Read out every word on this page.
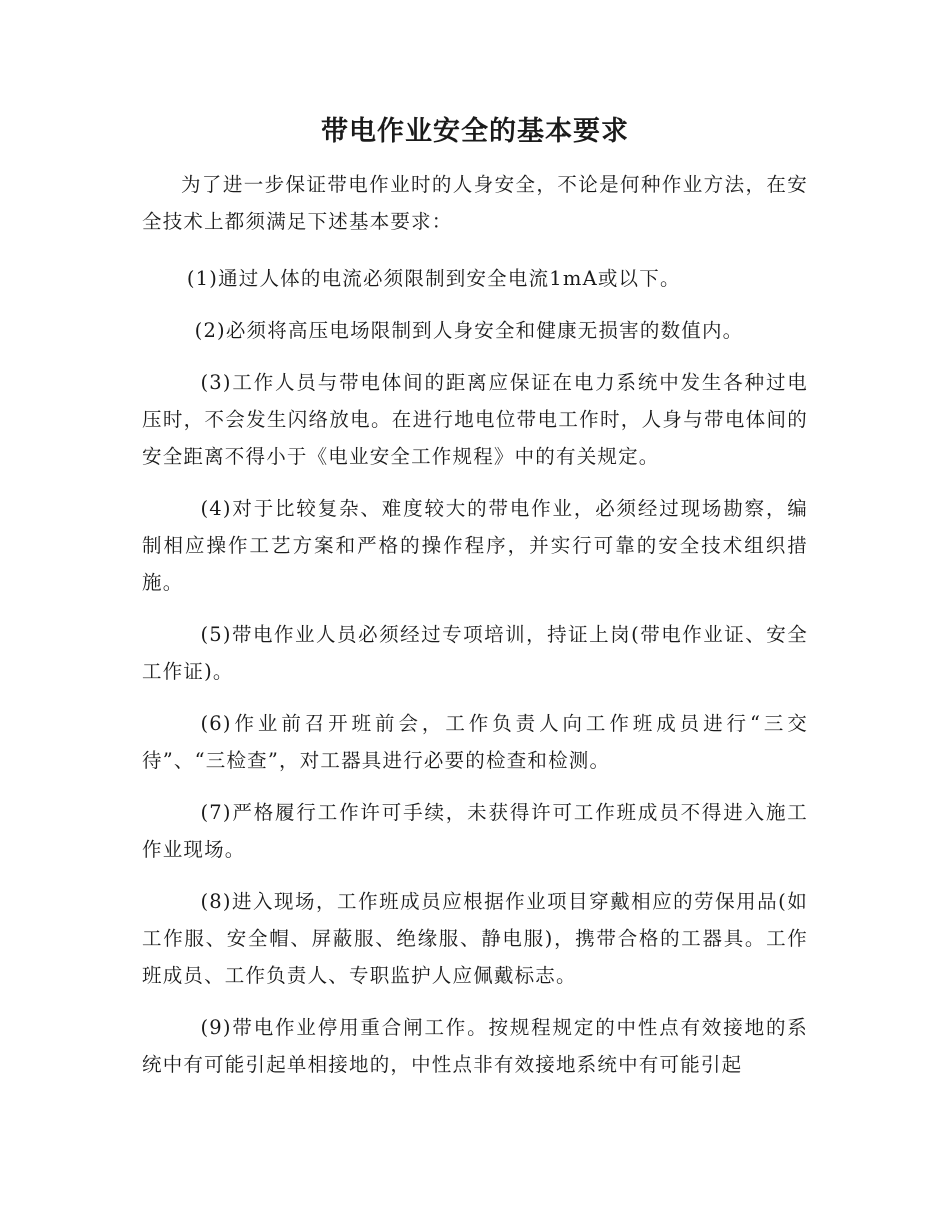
带电作业安全的基本要求

为了进一步保证带电作业时的人身安全，不论是何种作业方法，在安全技术上都须满足下述基本要求：

(1)通过人体的电流必须限制到安全电流1mA或以下。

(2)必须将高压电场限制到人身安全和健康无损害的数值内。

(3)工作人员与带电体间的距离应保证在电力系统中发生各种过电压时，不会发生闪络放电。在进行地电位带电工作时，人身与带电体间的安全距离不得小于《电业安全工作规程》中的有关规定。

(4)对于比较复杂、难度较大的带电作业，必须经过现场勘察，编制相应操作工艺方案和严格的操作程序，并实行可靠的安全技术组织措施。

(5)带电作业人员必须经过专项培训，持证上岗(带电作业证、安全工作证)。

(6)作业前召开班前会，工作负责人向工作班成员进行“三交待”、“三检查”，对工器具进行必要的检查和检测。

(7)严格履行工作许可手续，未获得许可工作班成员不得进入施工作业现场。

(8)进入现场，工作班成员应根据作业项目穿戴相应的劳保用品(如工作服、安全帽、屏蔽服、绝缘服、静电服)，携带合格的工器具。工作班成员、工作负责人、专职监护人应佩戴标志。

(9)带电作业停用重合闸工作。按规程规定的中性点有效接地的系统中有可能引起单相接地的，中性点非有效接地系统中有可能引起
